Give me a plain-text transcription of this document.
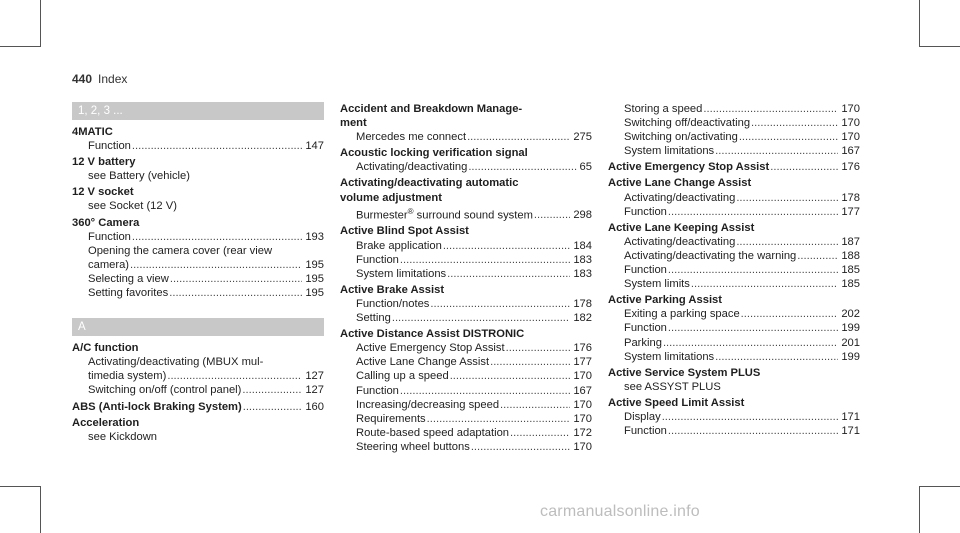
440 Index
1, 2, 3 ...
4MATIC
Function .....	147
12 V battery
see Battery (vehicle)
12 V socket
see Socket (12 V)
360° Camera
Function .....	193
Opening the camera cover (rear view
camera) .....	195
Selecting a view .....	195
Setting favorites .....	195
A
A/C function
Activating/deactivating (MBUX mul-
timedia system) .....	127
Switching on/off (control panel) .....	127
ABS (Anti-lock Braking System) .....	160
Acceleration
see Kickdown
Accident and Breakdown Manage-
ment
Mercedes me connect .....	275
Acoustic locking verification signal
Activating/deactivating .....	65
Activating/deactivating automatic
volume adjustment
Burmester® surround sound system .....	298
Active Blind Spot Assist
Brake application .....	184
Function .....	183
System limitations .....	183
Active Brake Assist
Function/notes .....	178
Setting .....	182
Active Distance Assist DISTRONIC
Active Emergency Stop Assist .....	176
Active Lane Change Assist .....	177
Calling up a speed .....	170
Function .....	167
Increasing/decreasing speed .....	170
Requirements .....	170
Route-based speed adaptation .....	172
Steering wheel buttons .....	170
Storing a speed .....	170
Switching off/deactivating .....	170
Switching on/activating .....	170
System limitations .....	167
Active Emergency Stop Assist .....	176
Active Lane Change Assist
Activating/deactivating .....	178
Function .....	177
Active Lane Keeping Assist
Activating/deactivating .....	187
Activating/deactivating the warning .....	188
Function .....	185
System limits .....	185
Active Parking Assist
Exiting a parking space .....	202
Function .....	199
Parking .....	201
System limitations .....	199
Active Service System PLUS
see ASSYST PLUS
Active Speed Limit Assist
Display .....	171
Function .....	171
carmanualsonline.info
